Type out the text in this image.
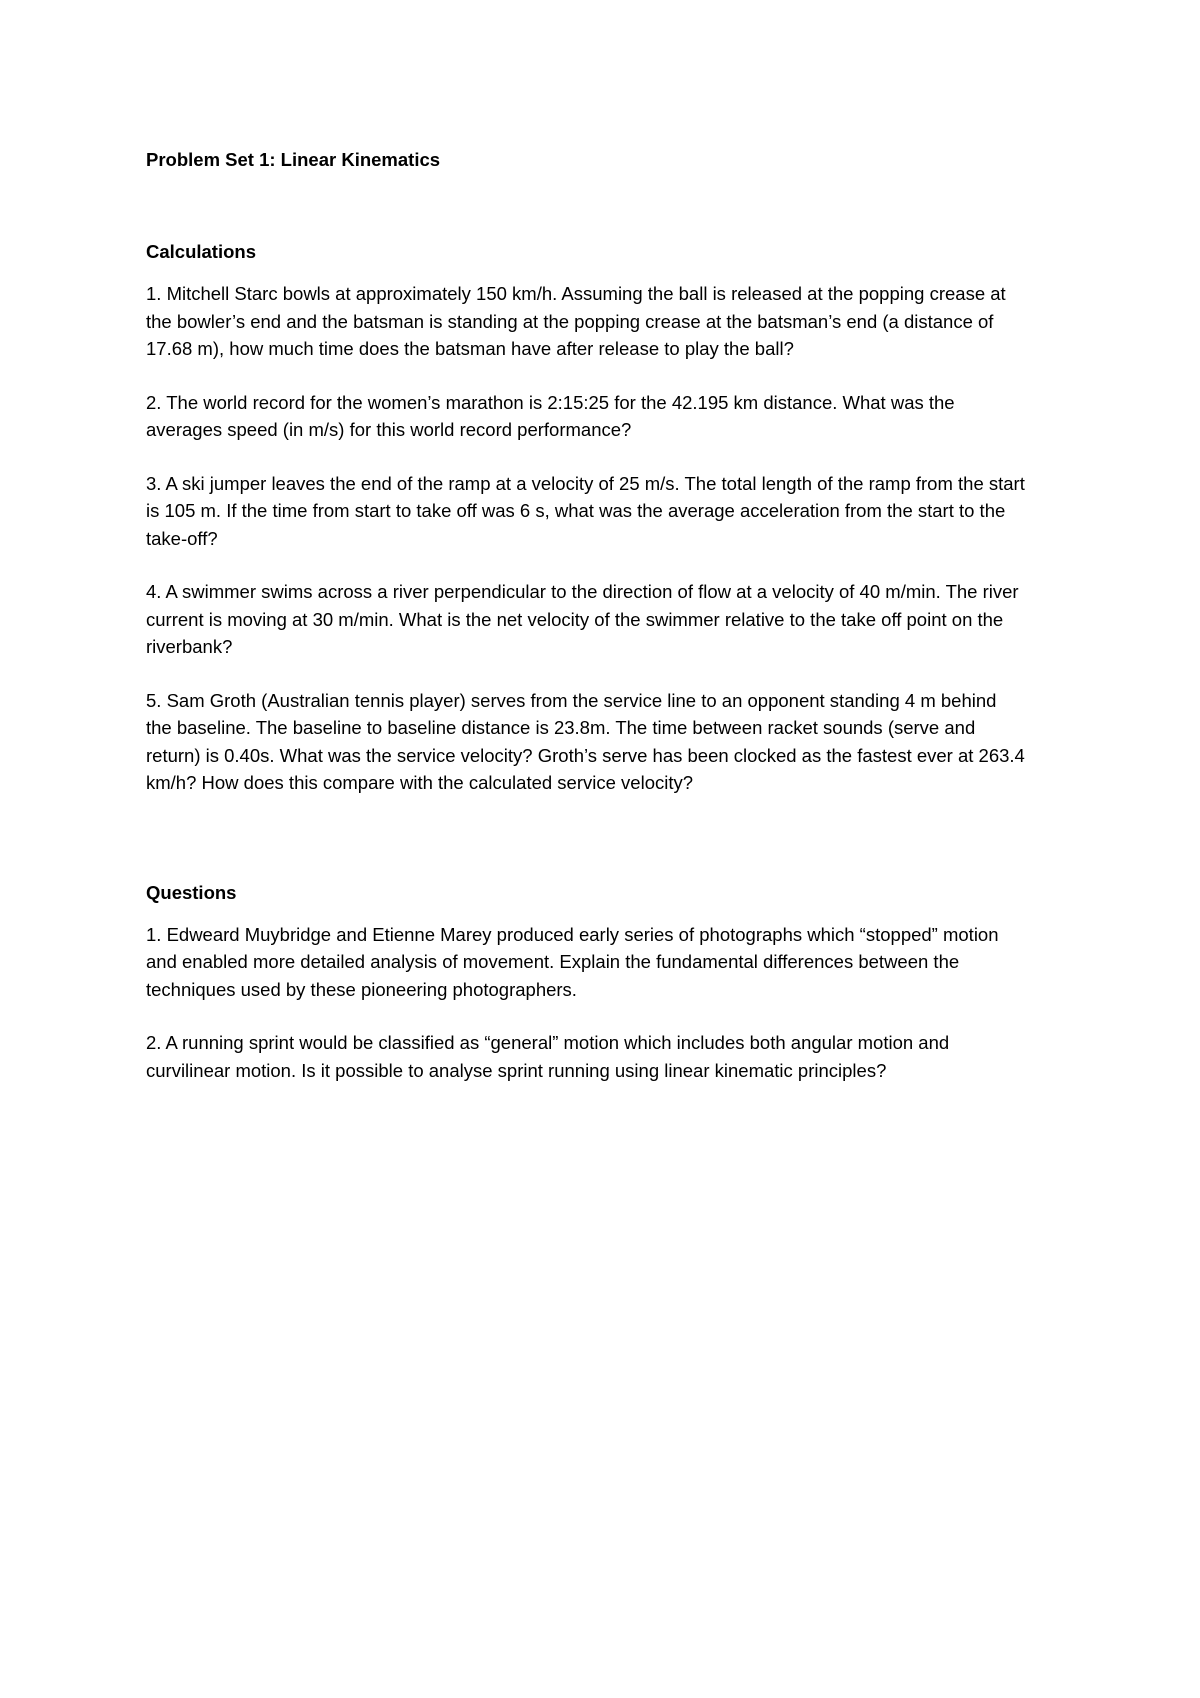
Problem Set 1: Linear Kinematics

Calculations

1. Mitchell Starc bowls at approximately 150 km/h. Assuming the ball is released at the popping crease at the bowler’s end and the batsman is standing at the popping crease at the batsman’s end (a distance of 17.68 m), how much time does the batsman have after release to play the ball?

2. The world record for the women’s marathon is 2:15:25 for the 42.195 km distance. What was the averages speed (in m/s) for this world record performance?

3. A ski jumper leaves the end of the ramp at a velocity of 25 m/s. The total length of the ramp from the start is 105 m. If the time from start to take off was 6 s, what was the average acceleration from the start to the take-off?

4. A swimmer swims across a river perpendicular to the direction of flow at a velocity of 40 m/min. The river current is moving at 30 m/min. What is the net velocity of the swimmer relative to the take off point on the riverbank?

5. Sam Groth (Australian tennis player) serves from the service line to an opponent standing 4 m behind the baseline. The baseline to baseline distance is 23.8m. The time between racket sounds (serve and return) is 0.40s. What was the service velocity? Groth’s serve has been clocked as the fastest ever at 263.4 km/h? How does this compare with the calculated service velocity?

Questions

1. Edweard Muybridge and Etienne Marey produced early series of photographs which “stopped” motion and enabled more detailed analysis of movement. Explain the fundamental differences between the techniques used by these pioneering photographers.

2. A running sprint would be classified as “general” motion which includes both angular motion and curvilinear motion. Is it possible to analyse sprint running using linear kinematic principles?
